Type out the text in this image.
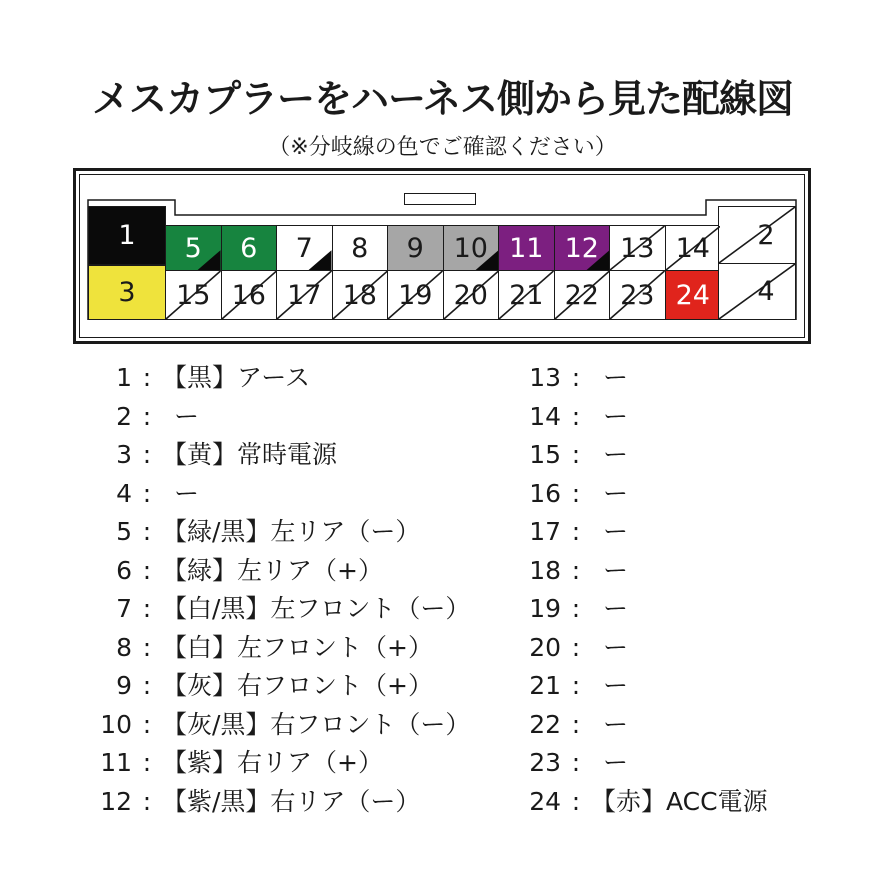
メスカプラーをハーネス側から見た配線図
（※分岐線の色でご確認ください）
1
3
5 6 7 8 9 10 11 12 13 14
15 16 17 18 19 20 21 22 23 24
2
4
1 : 【黒】アース
2 : ー
3 : 【黄】常時電源
4 : ー
5 : 【緑/黒】左リア（ー）
6 : 【緑】左リア（+）
7 : 【白/黒】左フロント（ー）
8 : 【白】左フロント（+）
9 : 【灰】右フロント（+）
10 : 【灰/黒】右フロント（ー）
11 : 【紫】右リア（+）
12 : 【紫/黒】右リア（ー）
13 : ー
14 : ー
15 : ー
16 : ー
17 : ー
18 : ー
19 : ー
20 : ー
21 : ー
22 : ー
23 : ー
24 : 【赤】ACC電源
